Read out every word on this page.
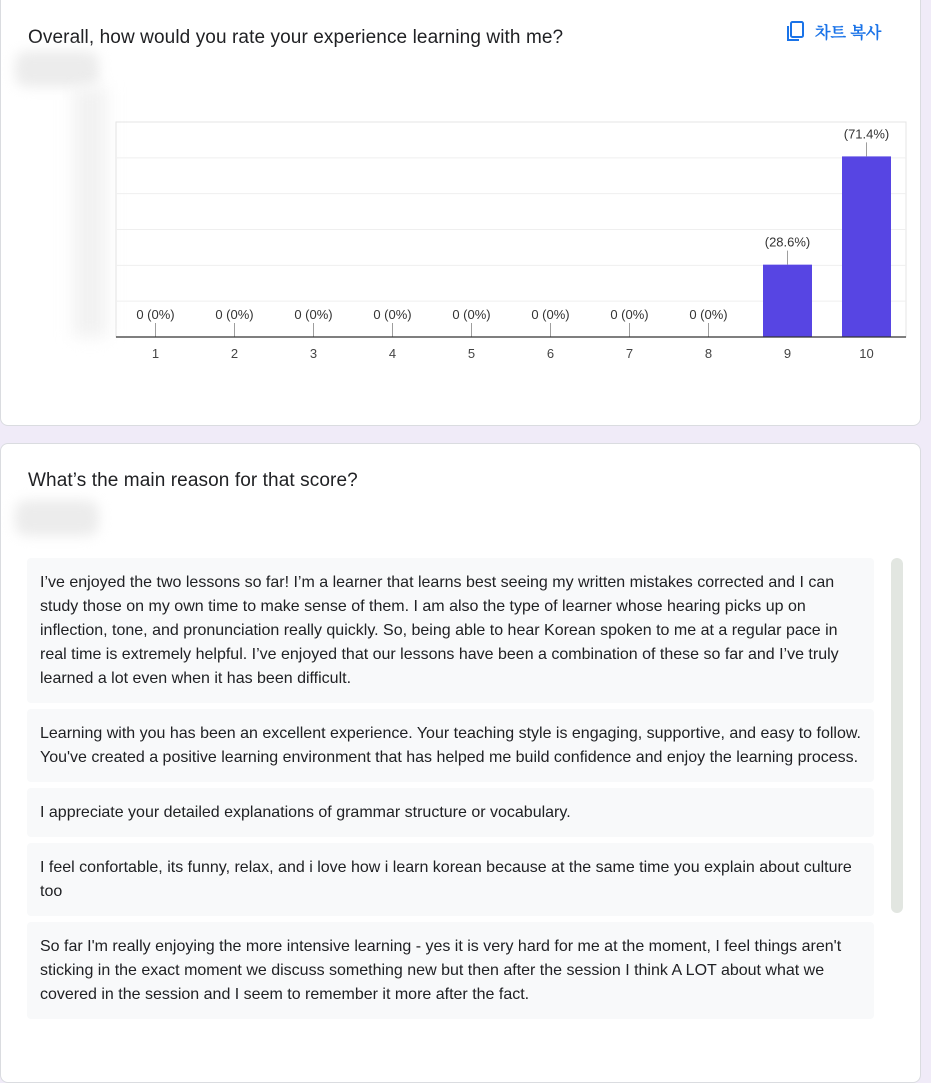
Overall, how would you rate your experience learning with me?	차트 복사
0 (0%)
1
0 (0%)
2
0 (0%)
3
0 (0%)
4
0 (0%)
5
0 (0%)
6
0 (0%)
7
0 (0%)
8
(28.6%)
9
(71.4%)
10
What’s the main reason for that score?
I’ve enjoyed the two lessons so far! I’m a learner that learns best seeing my written mistakes corrected and I can study those on my own time to make sense of them. I am also the type of learner whose hearing picks up on inflection, tone, and pronunciation really quickly. So, being able to hear Korean spoken to me at a regular pace in real time is extremely helpful. I’ve enjoyed that our lessons have been a combination of these so far and I’ve truly learned a lot even when it has been difficult.
Learning with you has been an excellent experience. Your teaching style is engaging, supportive, and easy to follow. You've created a positive learning environment that has helped me build confidence and enjoy the learning process.
I appreciate your detailed explanations of grammar structure or vocabulary.
I feel confortable, its funny, relax, and i love how i learn korean because at the same time you explain about culture too
So far I'm really enjoying the more intensive learning - yes it is very hard for me at the moment, I feel things aren't sticking in the exact moment we discuss something new but then after the session I think A LOT about what we covered in the session and I seem to remember it more after the fact.
